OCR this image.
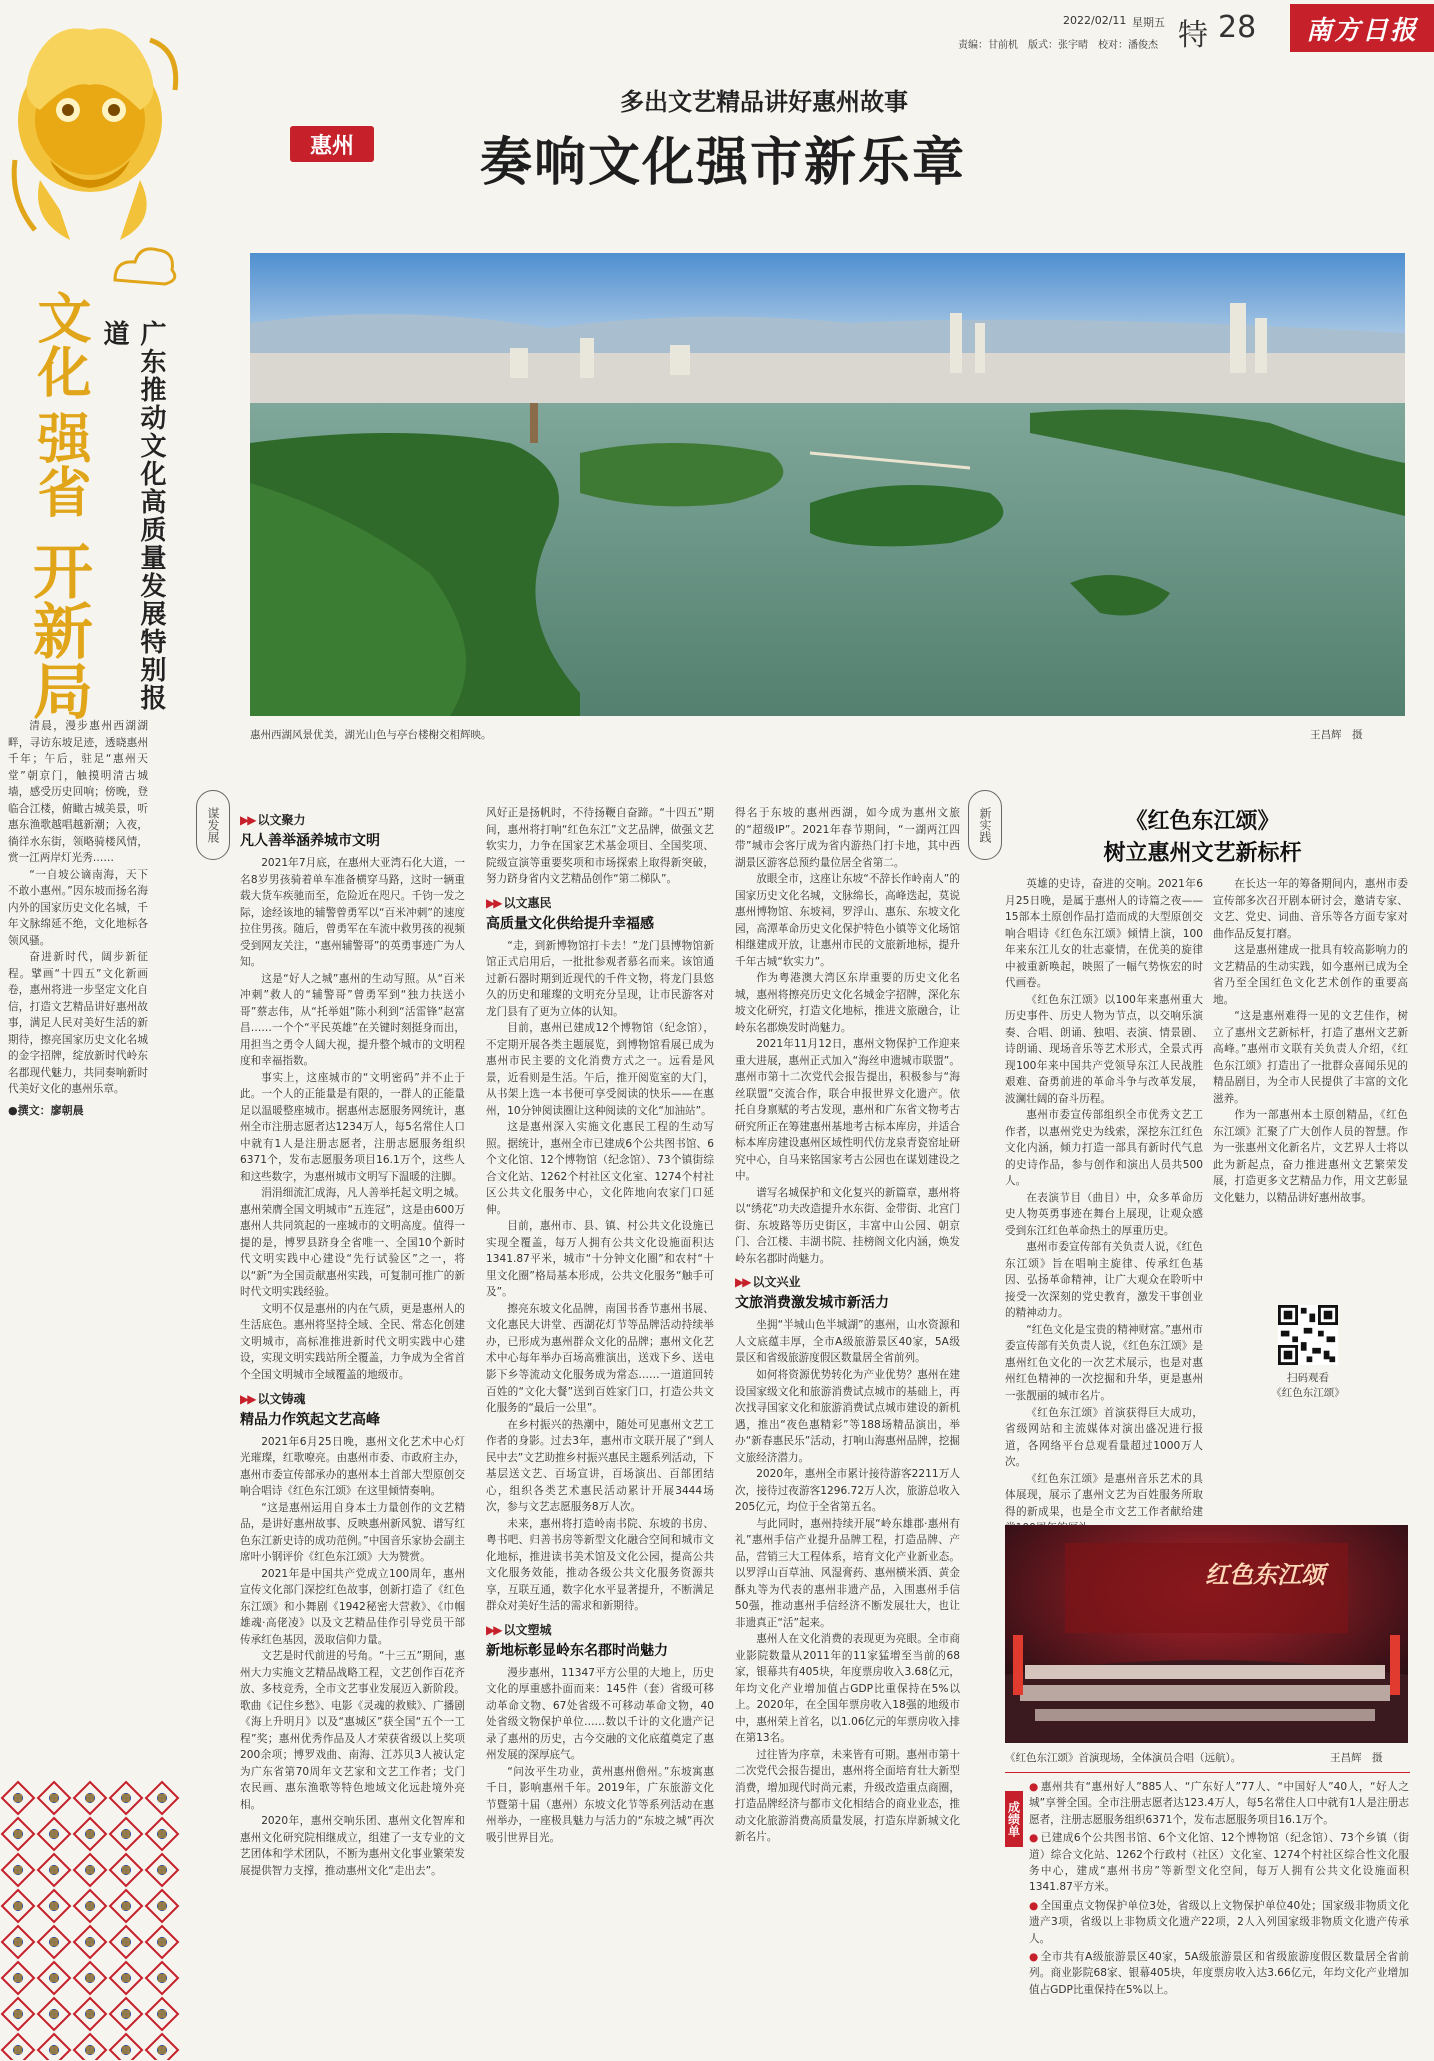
责编：甘前机　版式：张宇晴　校对：潘俊杰
2022/02/11 星期五 特 28	南方日报
文化
强省
开新局	广东推动文化高质量发展特别报道

清晨，漫步惠州西湖湖畔，寻访东坡足迹，透晓惠州千年；午后，驻足“惠州天堂”朝京门，触摸明清古城墙，感受历史回响；傍晚，登临合江楼，俯瞰古城美景，听惠东渔歌越唱越新潮；入夜，徜徉水东街，领略骑楼风情，赏一江两岸灯光秀……

“一自坡公谪南海，天下不敢小惠州。”因东坡而扬名海内外的国家历史文化名城，千年文脉绵延不绝，文化地标各领风骚。

奋进新时代，阔步新征程。擘画“十四五”文化新画卷，惠州将进一步坚定文化自信，打造文艺精品讲好惠州故事，满足人民对美好生活的新期待，擦亮国家历史文化名城的金字招牌，绽放新时代岭东名郡现代魅力，共同奏响新时代美好文化的惠州乐章。

●撰文：廖朝晨
惠州
多出文艺精品讲好惠州故事
奏响文化强市新乐章
惠州西湖风景优美，湖光山色与亭台楼榭交相辉映。	王昌辉　摄
谋发展	新实践
▶▶ 以文聚力
凡人善举涵养城市文明

2021年7月底，在惠州大亚湾石化大道，一名8岁男孩骑着单车准备横穿马路，这时一辆重载大货车疾驰而至，危险近在咫尺。千钧一发之际，途经该地的辅警曾勇军以“百米冲刺”的速度拉住男孩。随后，曾勇军在车流中救男孩的视频受到网友关注，“惠州辅警哥”的英勇事迹广为人知。

这是“好人之城”惠州的生动写照。从“百米冲刺”救人的“辅警哥”曾勇军到“独力扶送小哥”蔡志伟，从“托举姐”陈小利到“活雷锋”赵富昌……一个个“平民英雄”在关键时刻挺身而出，用担当之勇令人阔大视，提升整个城市的文明程度和幸福指数。

事实上，这座城市的“文明密码”并不止于此。一个人的正能量是有限的，一群人的正能量足以温暖整座城市。据惠州志愿服务网统计，惠州全市注册志愿者达1234万人，每5名常住人口中就有1人是注册志愿者，注册志愿服务组织6371个，发布志愿服务项目16.1万个，这些人和这些数字，为惠州城市文明写下温暖的注脚。

涓涓细流汇成海，凡人善举托起文明之城。惠州荣膺全国文明城市“五连冠”，这是由600万惠州人共同筑起的一座城市的文明高度。值得一提的是，博罗县跻身全省唯一、全国10个新时代文明实践中心建设“先行试验区”之一，将以“新”为全国贡献惠州实践，可复制可推广的新时代文明实践经验。

文明不仅是惠州的内在气质，更是惠州人的生活底色。惠州将坚持全域、全民、常态化创建文明城市，高标准推进新时代文明实践中心建设，实现文明实践站所全覆盖，力争成为全省首个全国文明城市全域覆盖的地级市。

▶▶ 以文铸魂
精品力作筑起文艺高峰

2021年6月25日晚，惠州文化艺术中心灯光璀璨，红歌嘹亮。由惠州市委、市政府主办，惠州市委宣传部承办的惠州本土首部大型原创交响合唱诗《红色东江颂》在这里倾情奏响。

“这是惠州运用自身本土力量创作的文艺精品，是讲好惠州故事、反映惠州新风貌、谱写红色东江新史诗的成功范例。”中国音乐家协会副主席叶小钢评价《红色东江颂》大为赞赏。

2021年是中国共产党成立100周年，惠州宣传文化部门深挖红色故事，创新打造了《红色东江颂》和小舞剧《1942秘密大营救》、《巾帼雄魂·高佬凌》以及文艺精品佳作引导党员干部传承红色基因，汲取信仰力量。

文艺是时代前进的号角。“十三五”期间，惠州大力实施文艺精品战略工程，文艺创作百花齐放、多枝竞秀，全市文艺事业发展迈入新阶段。歌曲《记住乡愁》、电影《灵魂的救赎》、广播剧《海上升明月》以及“惠城区”获全国“五个一工程”奖；惠州优秀作品及人才荣获省级以上奖项200余项；博罗戏曲、南海、江苏贝3人被认定为广东省第70周年文艺家和文艺工作者；戈门农民画、惠东渔歌等特色地域文化远赴境外亮相。

2020年，惠州交响乐团、惠州文化智库和惠州文化研究院相继成立，组建了一支专业的文艺团体和学术团队，不断为惠州文化事业繁荣发展提供智力支撑，推动惠州文化“走出去”。

风好正是扬帆时，不待扬鞭自奋蹄。“十四五”期间，惠州将打响“红色东江”文艺品牌，做强文艺软实力，力争在国家艺术基金项目、全国奖项、院级宣演等重要奖项和市场探索上取得新突破，努力跻身省内文艺精品创作“第二梯队”。

▶▶ 以文惠民
高质量文化供给提升幸福感

“走，到新博物馆打卡去！”龙门县博物馆新馆正式启用后，一批批参观者慕名而来。该馆通过新石器时期到近现代的千件文物，将龙门县悠久的历史和璀璨的文明充分呈现，让市民游客对龙门县有了更为立体的认知。

目前，惠州已建成12个博物馆（纪念馆），不定期开展各类主题展览，到博物馆看展已成为惠州市民主要的文化消费方式之一。远看是风景，近看则是生活。午后，推开阅览室的大门，从书架上选一本书便可享受阅读的快乐——在惠州，10分钟阅读圈让这种阅读的文化“加油站”。

这是惠州深入实施文化惠民工程的生动写照。据统计，惠州全市已建成6个公共图书馆、6个文化馆、12个博物馆（纪念馆）、73个镇街综合文化站、1262个村社区文化室、1274个村社区公共文化服务中心，文化阵地向农家门口延伸。

目前，惠州市、县、镇、村公共文化设施已实现全覆盖，每万人拥有公共文化设施面积达1341.87平米，城市“十分钟文化圈”和农村“十里文化圈”格局基本形成，公共文化服务“触手可及”。

擦亮东坡文化品牌，南国书香节惠州书展、文化惠民大讲堂、西湖花灯节等品牌活动持续举办，已形成为惠州群众文化的品牌；惠州文化艺术中心每年举办百场高雅演出，送戏下乡、送电影下乡等流动文化服务成为常态……一道道回转百姓的“文化大餐”送到百姓家门口，打造公共文化服务的“最后一公里”。

在乡村振兴的热潮中，随处可见惠州文艺工作者的身影。过去3年，惠州市文联开展了“到人民中去”文艺助推乡村振兴惠民主题系列活动，下基层送文艺、百场宣讲，百场演出、百部团结心，组织各类艺术惠民活动累计开展3444场次，参与文艺志愿服务8万人次。

未来，惠州将打造岭南书院、东坡的书房、粤书吧、归善书房等新型文化融合空间和城市文化地标，推进读书美术馆及文化公园，提高公共文化服务效能，推动各级公共文化服务资源共享，互联互通，数字化水平显著提升，不断满足群众对美好生活的需求和新期待。

▶▶ 以文塑城
新地标彰显岭东名郡时尚魅力

漫步惠州，11347平方公里的大地上，历史文化的厚重感扑面而来：145件（套）省级可移动革命文物、67处省级不可移动革命文物，40处省级文物保护单位……数以千计的文化遗产记录了惠州的历史，古今交融的文化底蕴奠定了惠州发展的深厚底气。

“问汝平生功业，黄州惠州儋州。”东坡寓惠千日，影响惠州千年。2019年，广东旅游文化节暨第十届（惠州）东坡文化节等系列活动在惠州举办，一座极具魅力与活力的“东坡之城”再次吸引世界目光。

得名于东坡的惠州西湖，如今成为惠州文旅的“超级IP”。2021年春节期间，“一湖两江四带”城市会客厅成为省内游热门打卡地，其中西湖景区游客总预约量位居全省第二。

放眼全市，这座让东坡“不辞长作岭南人”的国家历史文化名城，文脉绵长，高峰迭起，莫说惠州博物馆、东坡祠，罗浮山、惠东、东坡文化园，高潭革命历史文化保护特色小镇等文化场馆相继建成开放，让惠州市民的文旅新地标，提升千年古城“软实力”。

作为粤港澳大湾区东岸重要的历史文化名城，惠州将擦亮历史文化名城金字招牌，深化东坡文化研究，打造文化地标，推进文旅融合，让岭东名郡焕发时尚魅力。

2021年11月12日，惠州文物保护工作迎来重大进展，惠州正式加入“海丝申遗城市联盟”。惠州市第十二次党代会报告提出，积极参与“海丝联盟”交流合作，联合申报世界文化遗产。依托自身禀赋的考古发现，惠州和广东省文物考古研究所正在筹建惠州基地考古标本库房，并适合标本库房建设惠州区域性明代仿龙泉青瓷窑址研究中心，自马来铭国家考古公园也在谋划建设之中。

谱写名城保护和文化复兴的新篇章，惠州将以“绣花”功夫改造提升水东街、金带街、北宫门街、东坡路等历史街区，丰富中山公园、朝京门、合江楼、丰湖书院、挂榜阁文化内涵，焕发岭东名郡时尚魅力。

▶▶ 以文兴业
文旅消费激发城市新活力

坐拥“半城山色半城湖”的惠州，山水资源和人文底蕴丰厚，全市A级旅游景区40家，5A级景区和省级旅游度假区数量居全省前列。

如何将资源优势转化为产业优势？惠州在建设国家级文化和旅游消费试点城市的基础上，再次找寻国家文化和旅游消费试点城市建设的新机遇，推出“夜色惠精彩”等188场精品演出，举办“新春惠民乐”活动，打响山海惠州品牌，挖掘文旅经济潜力。

2020年，惠州全市累计接待游客2211万人次，接待过夜游客1296.72万人次，旅游总收入205亿元，均位于全省第五名。

与此同时，惠州持续开展“岭东雄郡·惠州有礼”惠州手信产业提升品牌工程，打造品牌、产品，营销三大工程体系，培育文化产业新业态。以罗浮山百草油、风湿膏药、惠州横米酒、黄金酥丸等为代表的惠州非遗产品，入围惠州手信50强，推动惠州手信经济不断发展壮大，也让非遗真正“活”起来。

惠州人在文化消费的表现更为亮眼。全市商业影院数量从2011年的11家猛增至当前的68家，银幕共有405块，年度票房收入3.68亿元，年均文化产业增加值占GDP比重保持在5%以上。2020年，在全国年票房收入18强的地级市中，惠州荣上首名，以1.06亿元的年票房收入排在第13名。

过往皆为序章，未来皆有可期。惠州市第十二次党代会报告提出，惠州将全面培育壮大新型消费，增加现代时尚元素，升级改造重点商圈，打造品牌经济与都市文化相结合的商业业态，推动文化旅游消费高质量发展，打造东岸新城文化新名片。

《红色东江颂》
树立惠州文艺新标杆

英雄的史诗，奋进的交响。2021年6月25日晚，是属于惠州人的诗篇之夜——15部本土原创作品打造而成的大型原创交响合唱诗《红色东江颂》倾情上演，100年来东江儿女的壮志豪情，在优美的旋律中被重新唤起，映照了一幅气势恢宏的时代画卷。

《红色东江颂》以100年来惠州重大历史事件、历史人物为节点，以交响乐演奏、合唱、朗诵、独唱、表演、情景剧、诗朗诵、现场音乐等艺术形式，全景式再现100年来中国共产党领导东江人民战胜艰难、奋勇前进的革命斗争与改革发展，波澜壮阔的奋斗历程。

惠州市委宣传部组织全市优秀文艺工作者，以惠州党史为线索，深挖东江红色文化内涵，倾力打造一部具有新时代气息的史诗作品，参与创作和演出人员共500人。

在表演节目（曲目）中，众多革命历史人物英勇事迹在舞台上展现，让观众感受到东江红色革命热土的厚重历史。

惠州市委宣传部有关负责人说，《红色东江颂》旨在唱响主旋律、传承红色基因、弘扬革命精神，让广大观众在聆听中接受一次深刻的党史教育，激发干事创业的精神动力。

“红色文化是宝贵的精神财富。”惠州市委宣传部有关负责人说，《红色东江颂》是惠州红色文化的一次艺术展示，也是对惠州红色精神的一次挖掘和升华，更是惠州一张靓丽的城市名片。

《红色东江颂》首演获得巨大成功，省级网站和主流媒体对演出盛况进行报道，各网络平台总观看量超过1000万人次。

《红色东江颂》是惠州音乐艺术的具体展现，展示了惠州文艺为百姓服务所取得的新成果，也是全市文艺工作者献给建

在长达一年的筹备期间内，惠州市委宣传部多次召开剧本研讨会，邀请专家、文艺、党史、词曲、音乐等各方面专家对曲作品反复打磨。

这是惠州建成一批具有较高影响力的文艺精品的生动实践，如今惠州已成为全省乃至全国红色文化艺术创作的重要高地。

“这是惠州难得一见的文艺佳作，树立了惠州文艺新标杆，打造了惠州文艺新高峰。”惠州市文联有关负责人介绍，《红色东江颂》打造出了一批群众喜闻乐见的精品剧目，为全市人民提供了丰富的文化滋养。

作为一部惠州本土原创精品，《红色东江颂》汇聚了广大创作人员的智慧。作为一张惠州文化新名片，文艺界人士将以此为新起点，奋力推进惠州文艺繁荣发展，打造更多文艺精品力作，用文艺彰显文化魅力，以精品讲好惠州故事。

扫码观看
《红色东江颂》
红色东江颂
《红色东江颂》首演现场，全体演员合唱（远航）。	王昌辉　摄
成绩单
● 惠州共有“惠州好人”885人、“广东好人”77人、“中国好人”40人，“好人之城”享誉全国。全市注册志愿者达123.4万人，每5名常住人口中就有1人是注册志愿者，注册志愿服务组织6371个，发布志愿服务项目16.1万个。
● 已建成6个公共图书馆、6个文化馆、12个博物馆（纪念馆）、73个乡镇（街道）综合文化站、1262个行政村（社区）文化室、1274个村社区综合性文化服务中心，建成“惠州书房”等新型文化空间，每万人拥有公共文化设施面积1341.87平方米。
● 全国重点文物保护单位3处，省级以上文物保护单位40处；国家级非物质文化遗产3项，省级以上非物质文化遗产22项，2人入列国家级非物质文化遗产传承人。
● 全市共有A级旅游景区40家，5A级旅游景区和省级旅游度假区数量居全省前列。商业影院68家、银幕405块，年度票房收入达3.66亿元，年均文化产业增加值占GDP比重保持在5%以上。
